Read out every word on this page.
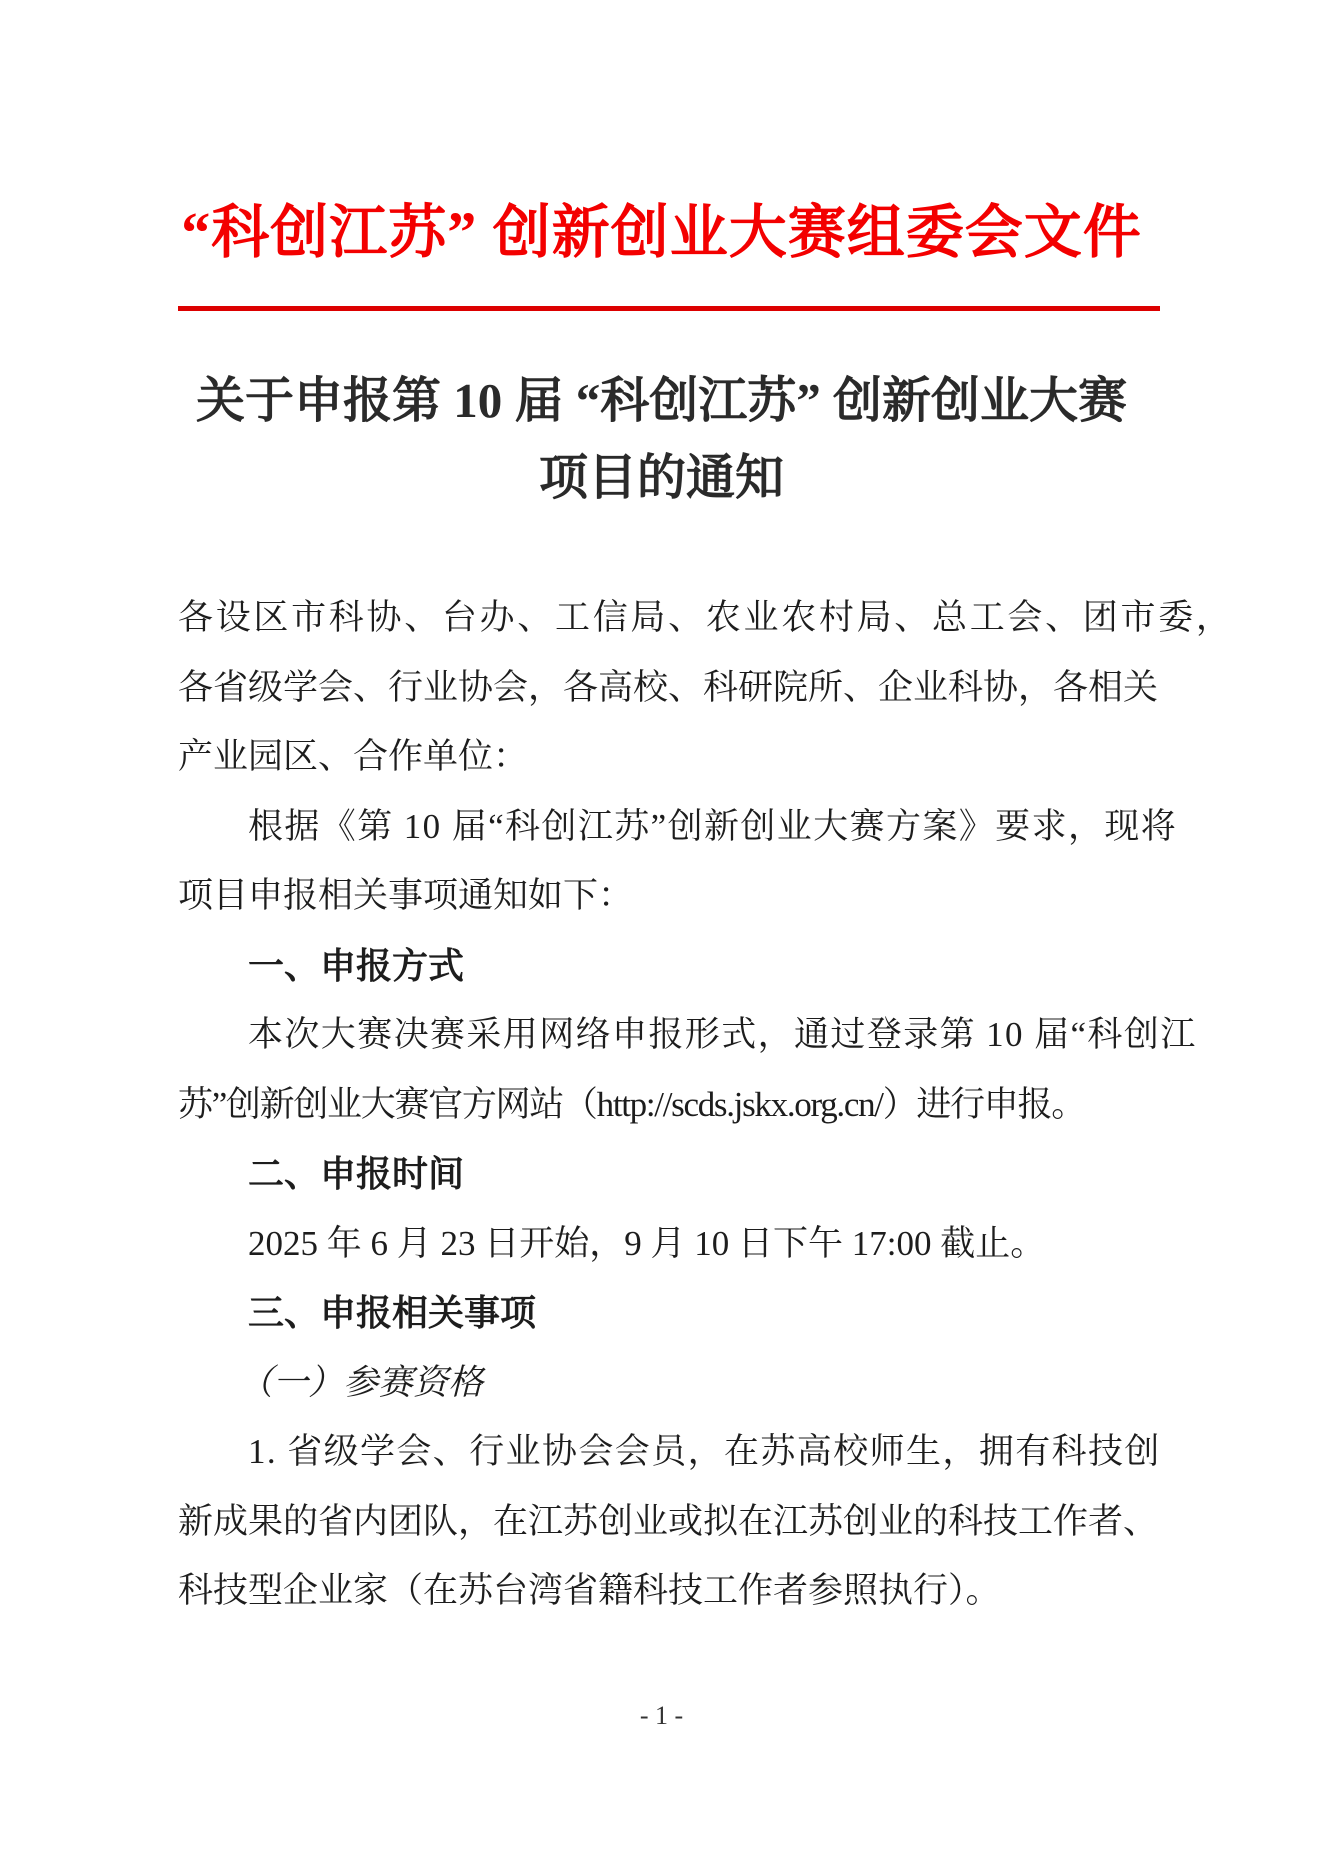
“科创江苏” 创新创业大赛组委会文件
关于申报第 10 届 “科创江苏” 创新创业大赛
项目的通知
各设区市科协、台办、工信局、农业农村局、总工会、团市委，
各省级学会、行业协会，各高校、科研院所、企业科协，各相关
产业园区、合作单位：
根据《第 10 届“科创江苏”创新创业大赛方案》要求，现将
项目申报相关事项通知如下：
一、申报方式
本次大赛决赛采用网络申报形式，通过登录第 10 届“科创江
苏”创新创业大赛官方网站（http://scds.jskx.org.cn/）进行申报。
二、申报时间
2025 年 6 月 23 日开始，9 月 10 日下午 17:00 截止。
三、申报相关事项
（一）参赛资格
1. 省级学会、行业协会会员，在苏高校师生，拥有科技创
新成果的省内团队，在江苏创业或拟在江苏创业的科技工作者、
科技型企业家（在苏台湾省籍科技工作者参照执行）。
- 1 -
